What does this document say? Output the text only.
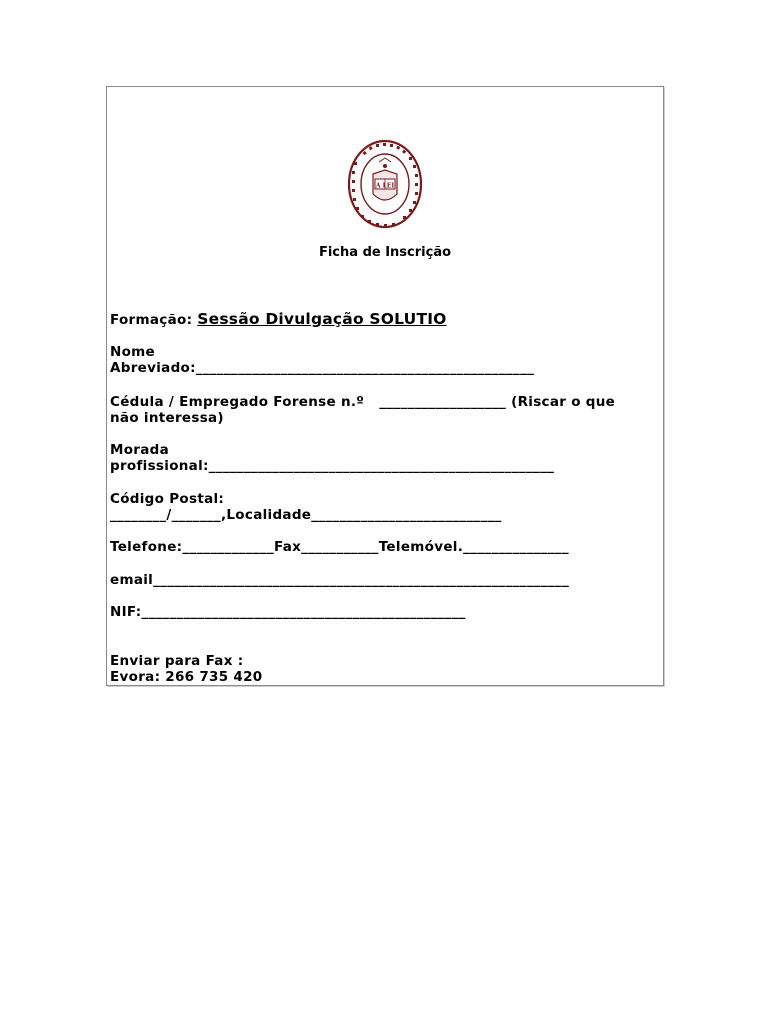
A LEI
Ficha de Inscrição
Formação: Sessão Divulgação SOLUTIO
Nome
Abreviado:________________________________________________
Cédula / Empregado Forense n.º   __________________ (Riscar o que
não interessa)
Morada
profissional:_________________________________________________
Código Postal:
________/_______,Localidade___________________________
Telefone:_____________Fax___________Telemóvel._______________
email___________________________________________________________
NIF:______________________________________________
Enviar para Fax :
Evora: 266 735 420
